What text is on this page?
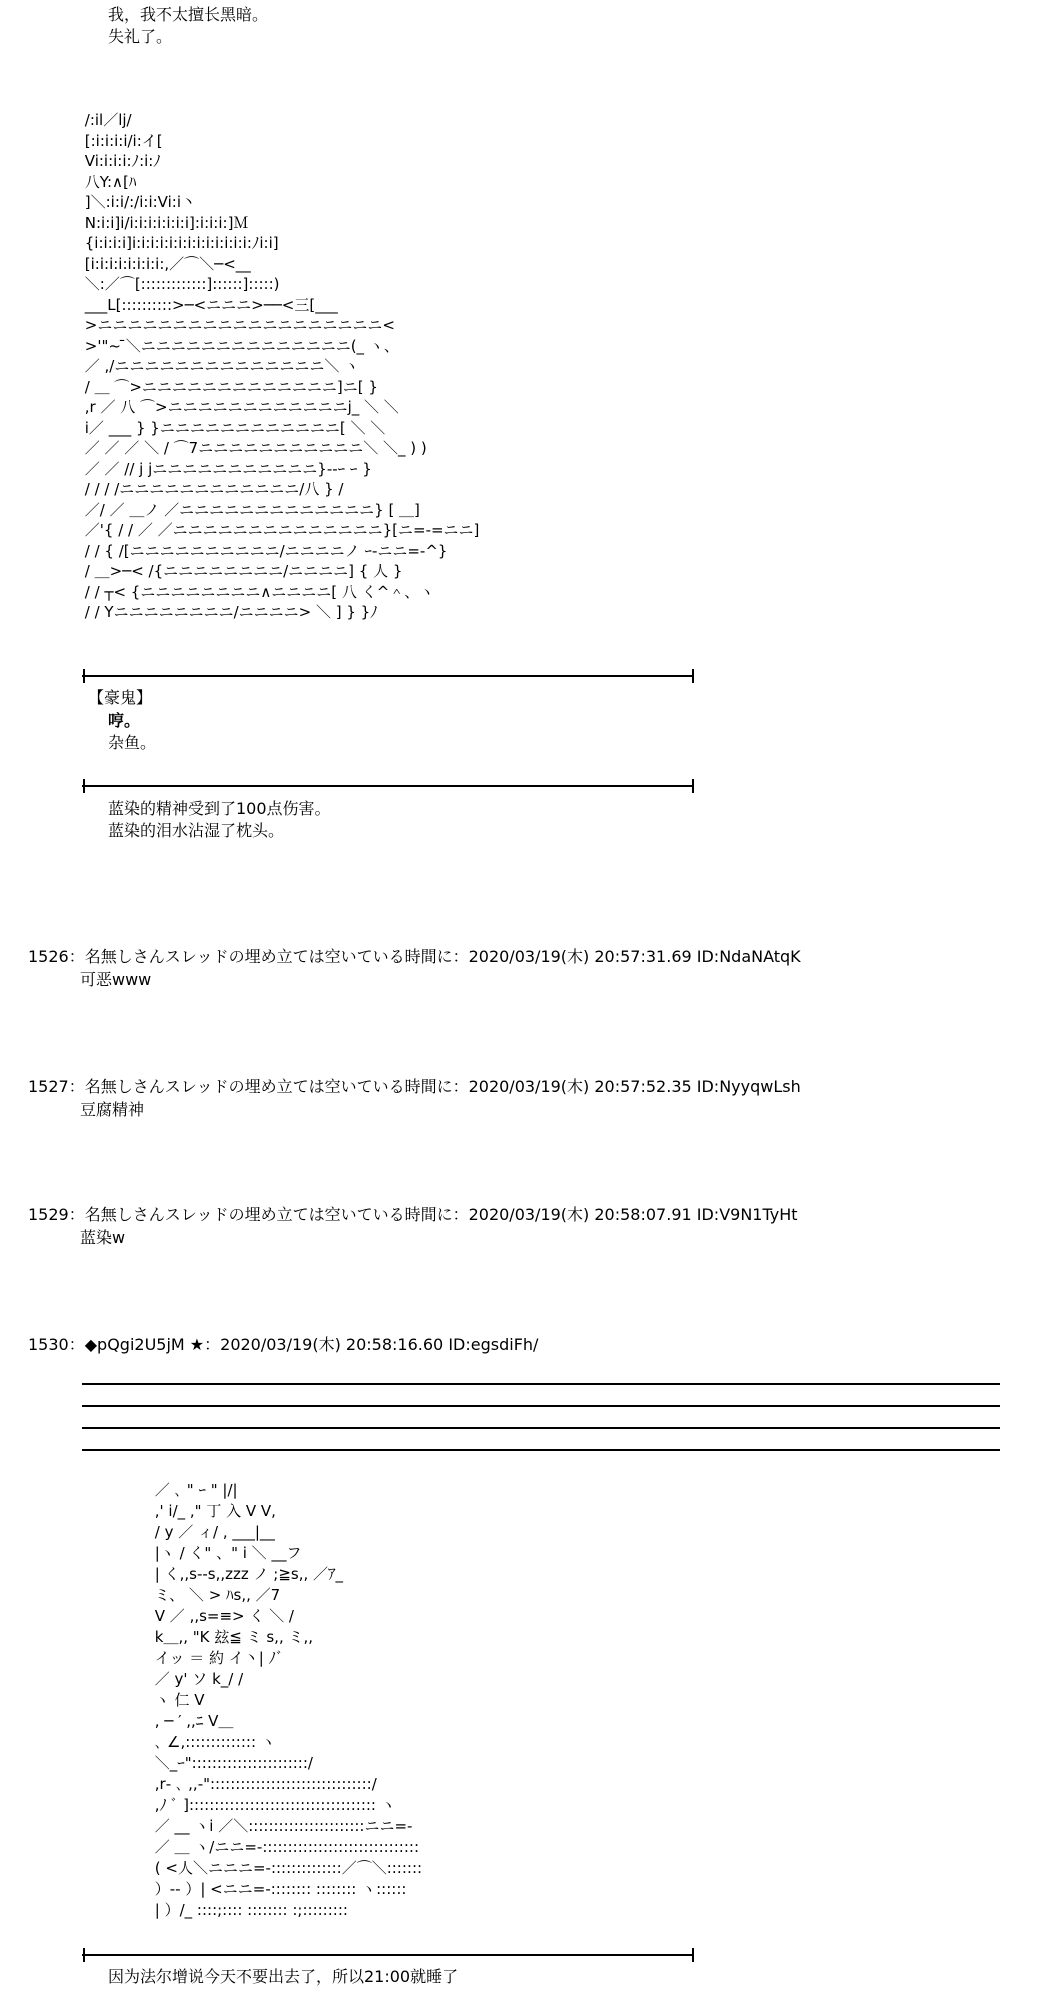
我，我不太擅长黑暗。
失礼了。
/:il／lj/
[:i:i:i:i/i:イ[
Vi:i:i:i:ﾉ:i:ﾉ
八Y:∧[ﾊ
]＼:i:i/:/i:i:Vi:i丶
N:i:i]i/i:i:i:i:i:i:i]:i:i:i:]Ｍ
{i:i:i:i]i:i:i:i:i:i:i:i:i:i:i:i:i:ﾉi:i]
[i:i:i:i:i:i:i:i:,／⌒＼─<__
＼:／⌒[:::::::::::::]::::::]:::::)
___L[::::::::::>─<ニニニ>──<三[___
>ニニニニニニニニニニニニニニニニニニニ<
>'"~ ̄＼ニニニニニニニニニニニニニニ(_ ヽ、
／ ,/ニニニニニニニニニニニニニニ＼ ヽ
/ ＿ ⌒>ニニニニニニニニニニニニニ]ニ[ }
,r ／ 八 ⌒>ニニニニニニニニニニニニj_ ＼ ＼
i／ ___ } }ニニニニニニニニニニニニ[ ＼ ＼
／ ／ ／ ＼ / ⌒7ニニニニニニニニニニニ＼ ＼_ ) )
／ ／ // j jニニニニニニニニニニニ}--ｰ ｰ }
/ / / /ニニニニニニニニニニニニ/八 } /
／/ ／ ＿ノ ／ニニニニニニニニニニニニニ} [ ＿]
／'{ / / ／ ／ニニニニニニニニニニニニニニ}[ニ=-=ニニ]
/ / { /[ニニニニニニニニニニ/ニニニニノ ｰ-ニニ=-^}
/ ＿>─< /{ニニニニニニニニ/ニニニニ] { 人 }
/ / ┬< {ニニニニニニニニ∧ニニニニ[ 八 く^＾、ヽ
/ / Yニニニニニニニニ/ニニニニ> ＼ ] } }ﾉ
【豪鬼】
哼。
杂鱼。
蓝染的精神受到了100点伤害。
蓝染的泪水沾湿了枕头。
1526：名無しさんスレッドの埋め立ては空いている時間に：2020/03/19(木) 20:57:31.69 ID:NdaNAtqK
可恶www
1527：名無しさんスレッドの埋め立ては空いている時間に：2020/03/19(木) 20:57:52.35 ID:NyyqwLsh
豆腐精神
1529：名無しさんスレッドの埋め立ては空いている時間に：2020/03/19(木) 20:58:07.91 ID:V9N1TyHt
蓝染w
1530：◆pQgi2U5jM ★：2020/03/19(木) 20:58:16.60 ID:egsdiFh/
／ ､ " ｰ " |/|
,' i/_ ," 丁 入 V V,
/ y ／ ィ/ , ___|__
|ヽ / く" 、" i ＼ __フ
| く,,s--s,,zzz ノ ;≧s,, ／ｱ_
ミ、 ＼ > ﾊs,, ／7
V ／ ,,s=≡> く ＼ /
k＿,, "K 玆≦ ミ s,, ミ,,
イッ ＝ 約 イ丶| ﾉﾞ
／ y' ソ k_/ /
ヽ 仁 V
, ─ ′ ,,ﾆ V＿
､ ∠,:::::::::::::: ヽ
＼_ｰ":::::::::::::::::::::::/
,r‐ ､ ,,-"::::::::::::::::::::::::::::::::/
,ﾉ ﾞ ]::::::::::::::::::::::::::::::::::::: ヽ
／ __ ヽi ／＼:::::::::::::::::::::::ニニ=-
／ ＿ ヽ/ニニ=-:::::::::::::::::::::::::::::::
( <人＼ニニニ=-::::::::::::::／⌒＼:::::::
）-- ）| <ニニ=-:::::::: :::::::: ヽ::::::
| ）/_ ::::;:::: :::::::: :;:::::::::
因为法尔增说今天不要出去了，所以21:00就睡了
